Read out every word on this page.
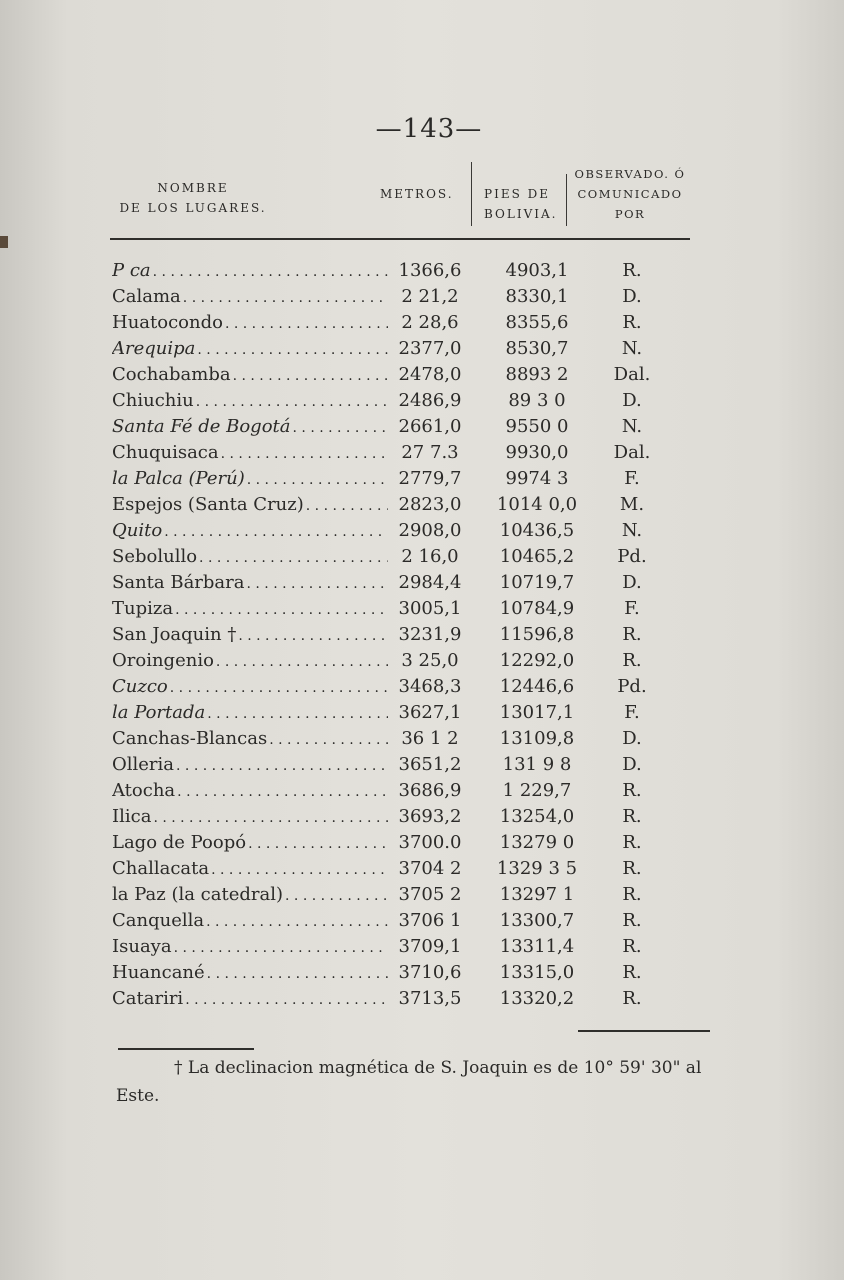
—143—
NOMBRE
DE LOS LUGARES.
METROS.	PIES DE
BOLIVIA.
OBSERVADO. Ó
COMUNICADO
POR
P ca . . .	1366,6	4903,1	R.
Calama . . .	2 21,2	8330,1	D.
Huatocondo . . .	2 28,6	8355,6	R.
Arequipa . . .	2377,0	8530,7	N.
Cochabamba . . .	2478,0	8893 2	Dal.
Chiuchiu . . .	2486,9	89 3 0	D.
Santa Fé de Bogotá . . .	2661,0	9550 0	N.
Chuquisaca . . .	27 7.3	9930,0	Dal.
la Palca (Perú) . . .	2779,7	9974 3	F.
Espejos (Santa Cruz) . . .	2823,0	1014 0,0	M.
Quito . . .	2908,0	10436,5	N.
Sebolullo . . .	2 16,0	10465,2	Pd.
Santa Bárbara . . .	2984,4	10719,7	D.
Tupiza . . .	3005,1	10784,9	F.
San Joaquin † . . .	3231,9	11596,8	R.
Oroingenio . . .	3 25,0	12292,0	R.
Cuzco . . .	3468,3	12446,6	Pd.
la Portada . . .	3627,1	13017,1	F.
Canchas-Blancas . . .	36 1 2	13109,8	D.
Olleria . . .	3651,2	131 9 8	D.
Atocha . . .	3686,9	1 229,7	R.
Ilica . . .	3693,2	13254,0	R.
Lago de Poopó . . .	3700.0	13279 0	R.
Challacata . . .	3704 2	1329 3 5	R.
la Paz (la catedral) . . .	3705 2	13297 1	R.
Canquella . . .	3706 1	13300,7	R.
Isuaya . . .	3709,1	13311,4	R.
Huancané . . .	3710,6	13315,0	R.
Catariri . . .	3713,5	13320,2	R.
† La declinacion magnética de S. Joaquin es de 10° 59' 30" al Este.
